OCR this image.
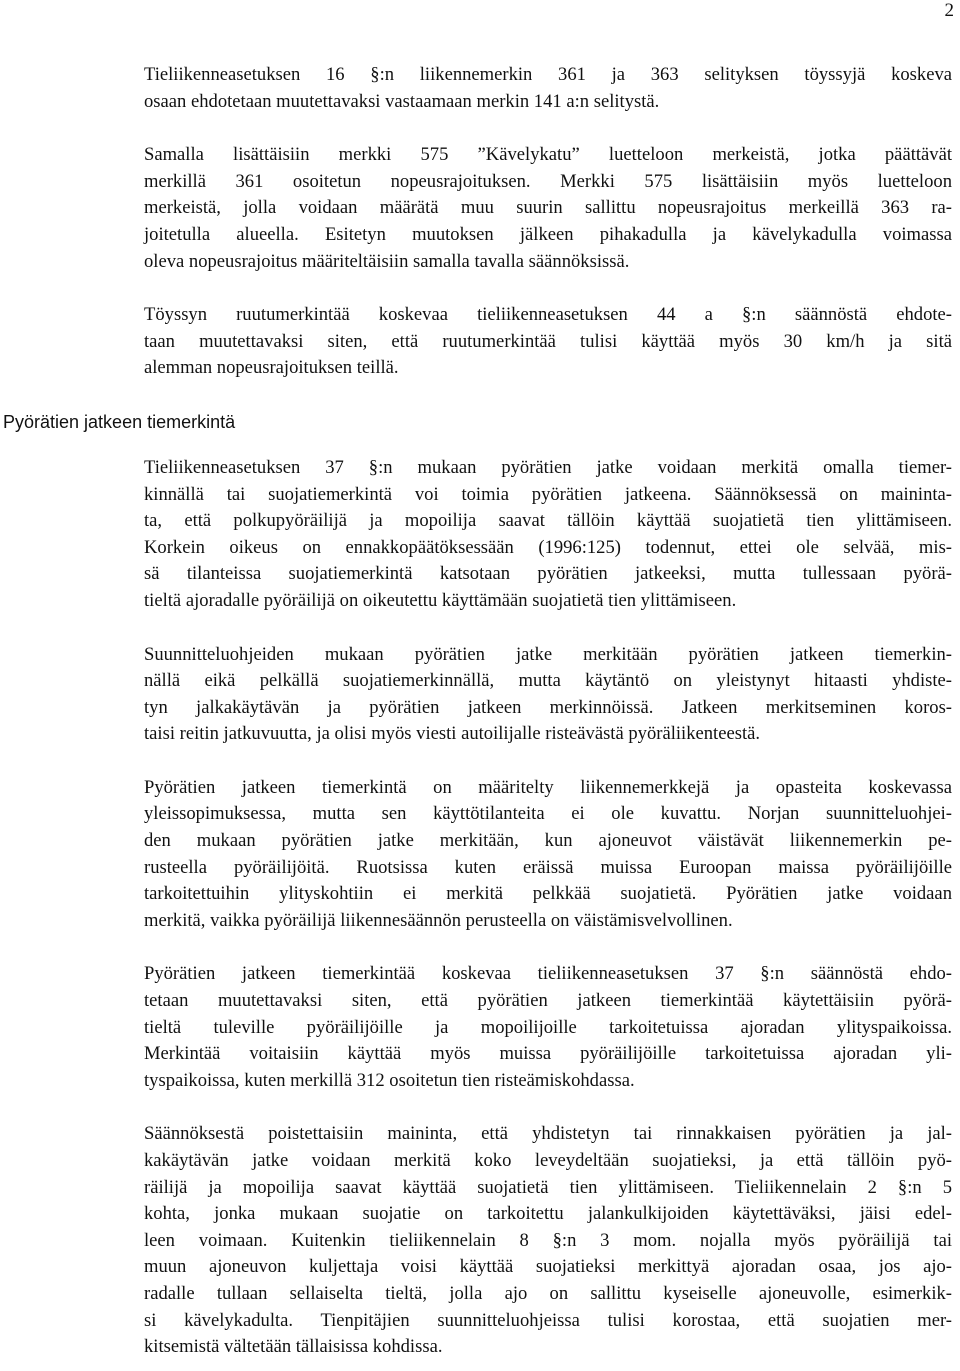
2
Pyörätien jatkeen tiemerkintä

Tieliikenneasetuksen 16 §:n liikennemerkin 361 ja 363 selityksen töyssyjä koskeva
osaan ehdotetaan muutettavaksi vastaamaan merkin 141 a:n selitystä.

Samalla lisättäisiin merkki 575 ”Kävelykatu” luetteloon merkeistä, jotka päättävät
merkillä 361 osoitetun nopeusrajoituksen. Merkki 575 lisättäisiin myös luetteloon
merkeistä, jolla voidaan määrätä muu suurin sallittu nopeusrajoitus merkeillä 363 ra-
joitetulla alueella. Esitetyn muutoksen jälkeen pihakadulla ja kävelykadulla voimassa
oleva nopeusrajoitus määriteltäisiin samalla tavalla säännöksissä.

Töyssyn ruutumerkintää koskevaa tieliikenneasetuksen 44 a §:n säännöstä ehdote-
taan muutettavaksi siten, että ruutumerkintää tulisi käyttää myös 30 km/h ja sitä
alemman nopeusrajoituksen teillä.

Tieliikenneasetuksen 37 §:n mukaan pyörätien jatke voidaan merkitä omalla tiemer-
kinnällä tai suojatiemerkintä voi toimia pyörätien jatkeena. Säännöksessä on maininta-
ta, että polkupyöräilijä ja mopoilija saavat tällöin käyttää suojatietä tien ylittämiseen.
Korkein oikeus on ennakkopäätöksessään (1996:125) todennut, ettei ole selvää, mis-
sä tilanteissa suojatiemerkintä katsotaan pyörätien jatkeeksi, mutta tullessaan pyörä-
tieltä ajoradalle pyöräilijä on oikeutettu käyttämään suojatietä tien ylittämiseen.

Suunnitteluohjeiden mukaan pyörätien jatke merkitään pyörätien jatkeen tiemerkin-
nällä eikä pelkällä suojatiemerkinnällä, mutta käytäntö on yleistynyt hitaasti yhdiste-
tyn jalkakäytävän ja pyörätien jatkeen merkinnöissä. Jatkeen merkitseminen koros-
taisi reitin jatkuvuutta, ja olisi myös viesti autoilijalle risteävästä pyöräliikenteestä.

Pyörätien jatkeen tiemerkintä on määritelty liikennemerkkejä ja opasteita koskevassa
yleissopimuksessa, mutta sen käyttötilanteita ei ole kuvattu. Norjan suunnitteluohjei-
den mukaan pyörätien jatke merkitään, kun ajoneuvot väistävät liikennemerkin pe-
rusteella pyöräilijöitä. Ruotsissa kuten eräissä muissa Euroopan maissa pyöräilijöille
tarkoitettuihin ylityskohtiin ei merkitä pelkkää suojatietä. Pyörätien jatke voidaan
merkitä, vaikka pyöräilijä liikennesäännön perusteella on väistämisvelvollinen.

Pyörätien jatkeen tiemerkintää koskevaa tieliikenneasetuksen 37 §:n säännöstä ehdo-
tetaan muutettavaksi siten, että pyörätien jatkeen tiemerkintää käytettäisiin pyörä-
tieltä tuleville pyöräilijöille ja mopoilijoille tarkoitetuissa ajoradan ylityspaikoissa.
Merkintää voitaisiin käyttää myös muissa pyöräilijöille tarkoitetuissa ajoradan yli-
tyspaikoissa, kuten merkillä 312 osoitetun tien risteämiskohdassa.

Säännöksestä poistettaisiin maininta, että yhdistetyn tai rinnakkaisen pyörätien ja jal-
kakäytävän jatke voidaan merkitä koko leveydeltään suojatieksi, ja että tällöin pyö-
räilijä ja mopoilija saavat käyttää suojatietä tien ylittämiseen. Tieliikennelain 2 §:n 5
kohta, jonka mukaan suojatie on tarkoitettu jalankulkijoiden käytettäväksi, jäisi edel-
leen voimaan. Kuitenkin tieliikennelain 8 §:n 3 mom. nojalla myös pyöräilijä tai
muun ajoneuvon kuljettaja voisi käyttää suojatieksi merkittyä ajoradan osaa, jos ajo-
radalle tullaan sellaiselta tieltä, jolla ajo on sallittu kyseiselle ajoneuvolle, esimerkik-
si kävelykadulta. Tienpitäjien suunnitteluohjeissa tulisi korostaa, että suojatien mer-
kitsemistä vältetään tällaisissa kohdissa.
